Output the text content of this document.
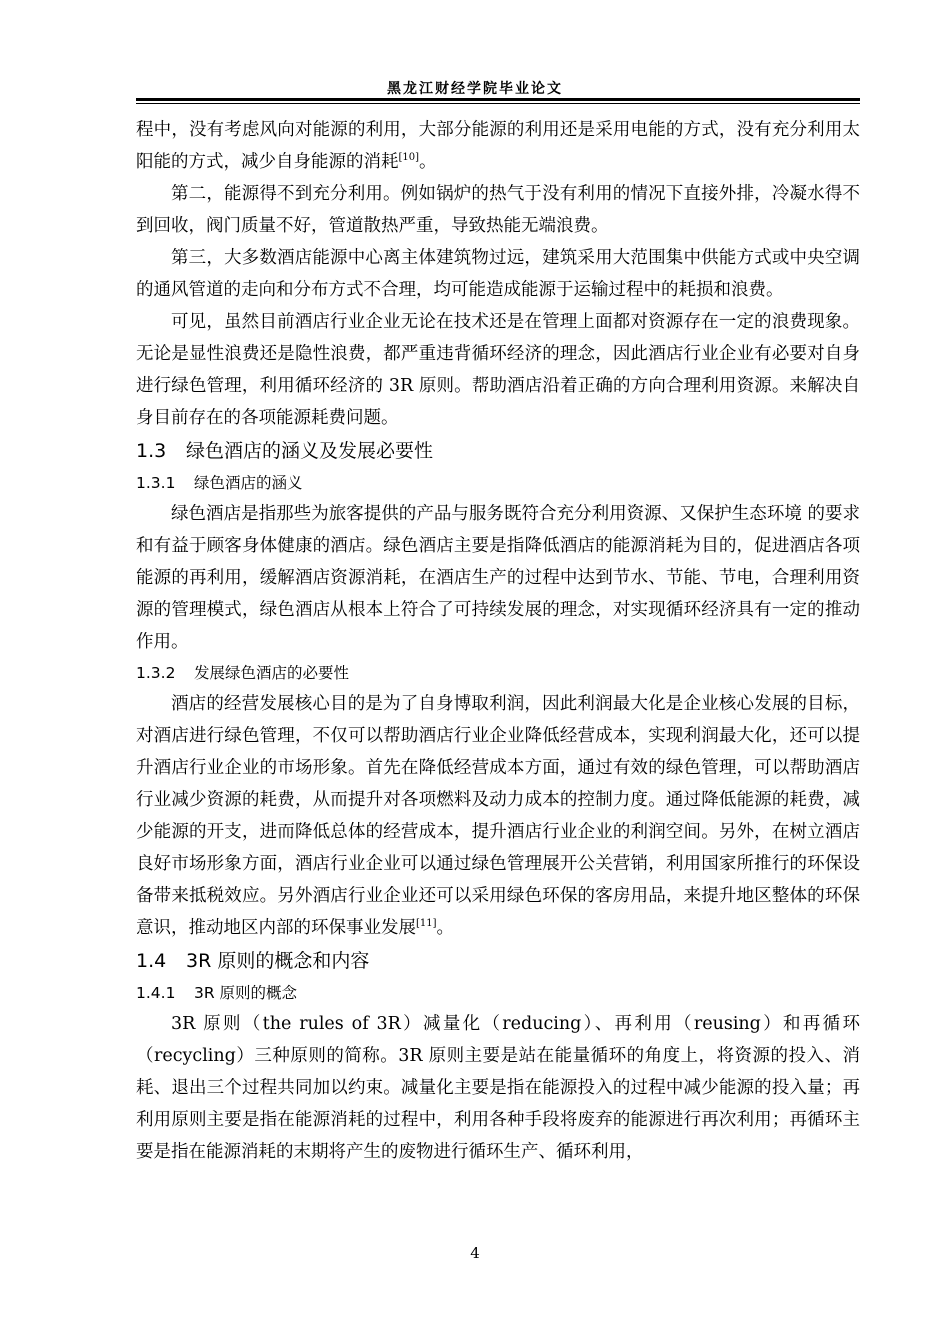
黑龙江财经学院毕业论文

程中，没有考虑风向对能源的利用，大部分能源的利用还是采用电能的方式，没有充分利用太阳能的方式，减少自身能源的消耗[10]。

第二，能源得不到充分利用。例如锅炉的热气于没有利用的情况下直接外排，冷凝水得不到回收，阀门质量不好，管道散热严重，导致热能无端浪费。

第三，大多数酒店能源中心离主体建筑物过远，建筑采用大范围集中供能方式或中央空调的通风管道的走向和分布方式不合理，均可能造成能源于运输过程中的耗损和浪费。

可见，虽然目前酒店行业企业无论在技术还是在管理上面都对资源存在一定的浪费现象。无论是显性浪费还是隐性浪费，都严重违背循环经济的理念，因此酒店行业企业有必要对自身进行绿色管理，利用循环经济的 3R 原则。帮助酒店沿着正确的方向合理利用资源。来解决自身目前存在的各项能源耗费问题。

1.3 绿色酒店的涵义及发展必要性
1.3.1 绿色酒店的涵义

绿色酒店是指那些为旅客提供的产品与服务既符合充分利用资源、又保护生态环境 的要求和有益于顾客身体健康的酒店。绿色酒店主要是指降低酒店的能源消耗为目的，促进酒店各项能源的再利用，缓解酒店资源消耗，在酒店生产的过程中达到节水、节能、节电，合理利用资源的管理模式，绿色酒店从根本上符合了可持续发展的理念，对实现循环经济具有一定的推动作用。

1.3.2 发展绿色酒店的必要性

酒店的经营发展核心目的是为了自身博取利润，因此利润最大化是企业核心发展的目标，对酒店进行绿色管理，不仅可以帮助酒店行业企业降低经营成本，实现利润最大化，还可以提升酒店行业企业的市场形象。首先在降低经营成本方面，通过有效的绿色管理，可以帮助酒店行业减少资源的耗费，从而提升对各项燃料及动力成本的控制力度。通过降低能源的耗费，减少能源的开支，进而降低总体的经营成本，提升酒店行业企业的利润空间。另外，在树立酒店良好市场形象方面，酒店行业企业可以通过绿色管理展开公关营销，利用国家所推行的环保设备带来抵税效应。另外酒店行业企业还可以采用绿色环保的客房用品，来提升地区整体的环保意识，推动地区内部的环保事业发展[11]。

1.4 3R 原则的概念和内容
1.4.1 3R 原则的概念

3R 原则（the rules of 3R）减量化（reducing）、再利用（reusing）和再循环（recycling）三种原则的简称。3R 原则主要是站在能量循环的角度上，将资源的投入、消耗、退出三个过程共同加以约束。减量化主要是指在能源投入的过程中减少能源的投入量；再利用原则主要是指在能源消耗的过程中，利用各种手段将废弃的能源进行再次利用；再循环主要是指在能源消耗的末期将产生的废物进行循环生产、循环利用，

4
